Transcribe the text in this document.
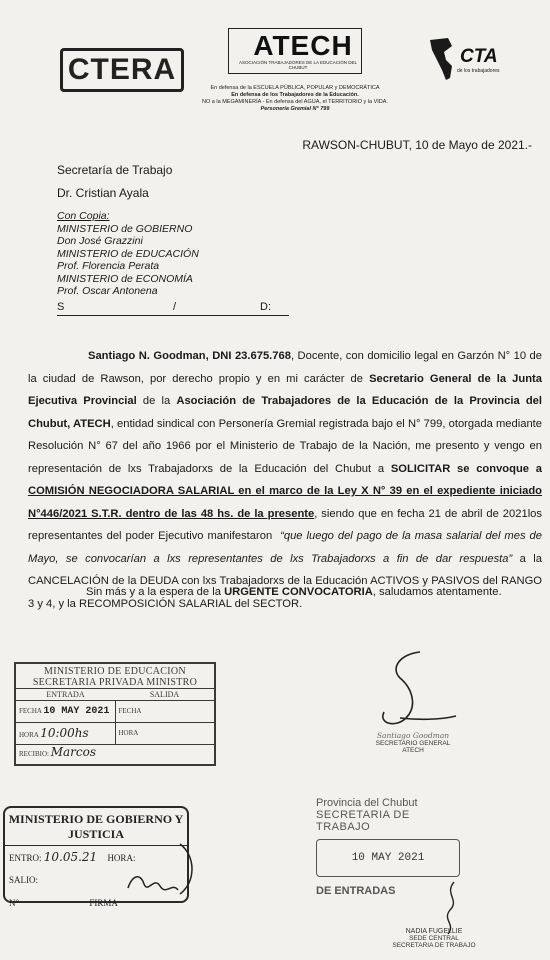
CTERA
ATECH
ASOCIACIÓN TRABAJADORES DE LA EDUCACIÓN DEL CHUBUT
En defensa de la ESCUELA PÚBLICA, POPULAR y DEMOCRÁTICA
En defensa de los Trabajadores de la Educación.
NO a la MEGAMINERÍA - En defensa del AGUA, el TERRITORIO y la VIDA.
Personería Gremial N° 799
CTA
de los trabajadores
RAWSON-CHUBUT, 10 de Mayo de 2021.-
Secretaría de Trabajo
Dr. Cristian Ayala
Con Copia:
MINISTERIO de GOBIERNO
Don José Grazzini
MINISTERIO de EDUCACIÓN
Prof. Florencia Perata
MINISTERIO de ECONOMÍA
Prof. Oscar Antonena
S	/	D:
Santiago N. Goodman, DNI 23.675.768, Docente, con domicilio legal en Garzón N° 10 de la ciudad de Rawson, por derecho propio y en mi carácter de Secretario General de la Junta Ejecutiva Provincial de la Asociación de Trabajadores de la Educación de la Provincia del Chubut, ATECH, entidad sindical con Personería Gremial registrada bajo el N° 799, otorgada mediante Resolución N° 67 del año 1966 por el Ministerio de Trabajo de la Nación, me presento y vengo en representación de lxs Trabajadorxs de la Educación del Chubut a SOLICITAR se convoque a COMISIÓN NEGOCIADORA SALARIAL en el marco de la Ley X N° 39 en el expediente iniciado N°446/2021 S.T.R. dentro de las 48 hs. de la presente, siendo que en fecha 21 de abril de 2021los representantes del poder Ejecutivo manifestaron  “que luego del pago de la masa salarial del mes de Mayo, se convocarían a lxs representantes de lxs Trabajadorxs a fin de dar respuesta” a la CANCELACIÓN de la DEUDA con lxs Trabajadorxs de la Educación ACTIVOS y PASIVOS del RANGO 3 y 4, y la RECOMPOSICIÓN SALARIAL del SECTOR.
Sin más y a la espera de la URGENTE CONVOCATORIA, saludamos atentamente.
MINISTERIO DE EDUCACION
SECRETARIA PRIVADA MINISTRO
ENTRADA	SALIDA
FECHA 10 MAY 2021
HORA 10:00hs
FECHA
HORA
RECIBIO: Marcos
MINISTERIO DE GOBIERNO Y JUSTICIA
ENTRO: 10.05.21 HORA:
SALIO:
N°	FIRMA
Santiago Goodman
SECRETARIO GENERAL
ATECH
Provincia del Chubut
SECRETARIA DE TRABAJO
10 MAY 2021
DE ENTRADAS
NADIA FUGELLIE
SEDE CENTRAL
SECRETARIA DE TRABAJO
